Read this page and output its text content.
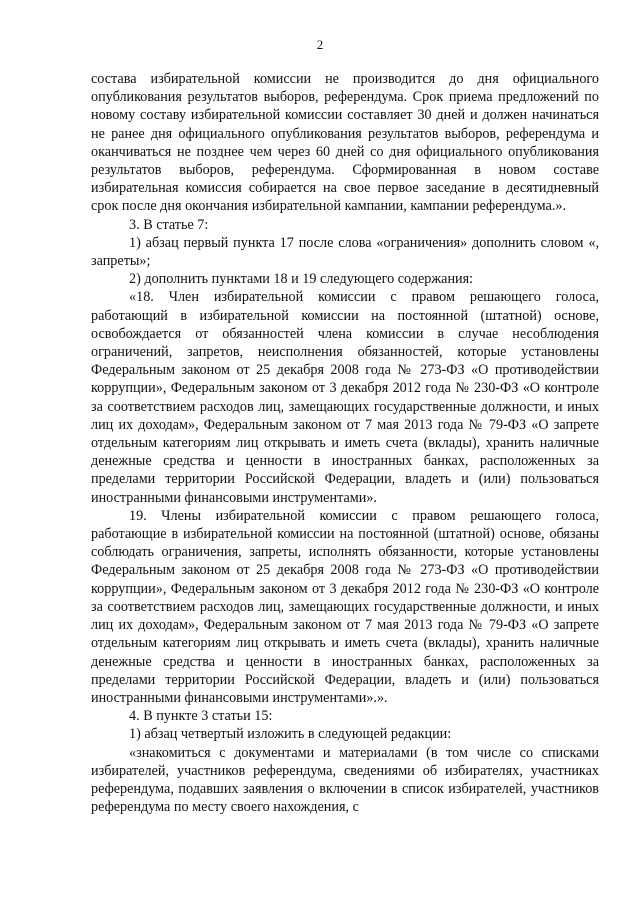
2

состава избирательной комиссии не производится до дня официального опубликования результатов выборов, референдума. Срок приема предложений по новому составу избирательной комиссии составляет 30 дней и должен начинаться не ранее дня официального опубликования результатов выборов, референдума и оканчиваться не позднее чем через 60 дней со дня официального опубликования результатов выборов, референдума. Сформированная в новом составе избирательная комиссия собирается на свое первое заседание в десятидневный срок после дня окончания избирательной кампании, кампании референдума.».

3. В статье 7:

1) абзац первый пункта 17 после слова «ограничения» дополнить словом «, запреты»;

2) дополнить пунктами 18 и 19 следующего содержания:

«18. Член избирательной комиссии с правом решающего голоса, работающий в избирательной комиссии на постоянной (штатной) основе, освобождается от обязанностей члена комиссии в случае несоблюдения ограничений, запретов, неисполнения обязанностей, которые установлены Федеральным законом от 25 декабря 2008 года № 273-ФЗ «О противодействии коррупции», Федеральным законом от 3 декабря 2012 года № 230-ФЗ «О контроле за соответствием расходов лиц, замещающих государственные должности, и иных лиц их доходам», Федеральным законом от 7 мая 2013 года № 79-ФЗ «О запрете отдельным категориям лиц открывать и иметь счета (вклады), хранить наличные денежные средства и ценности в иностранных банках, расположенных за пределами территории Российской Федерации, владеть и (или) пользоваться иностранными финансовыми инструментами».

19. Члены избирательной комиссии с правом решающего голоса, работающие в избирательной комиссии на постоянной (штатной) основе, обязаны соблюдать ограничения, запреты, исполнять обязанности, которые установлены Федеральным законом от 25 декабря 2008 года № 273-ФЗ «О противодействии коррупции», Федеральным законом от 3 декабря 2012 года № 230-ФЗ «О контроле за соответствием расходов лиц, замещающих государственные должности, и иных лиц их доходам», Федеральным законом от 7 мая 2013 года № 79-ФЗ «О запрете отдельным категориям лиц открывать и иметь счета (вклады), хранить наличные денежные средства и ценности в иностранных банках, расположенных за пределами территории Российской Федерации, владеть и (или) пользоваться иностранными финансовыми инструментами».».

4. В пункте 3 статьи 15:

1) абзац четвертый изложить в следующей редакции:

«знакомиться с документами и материалами (в том числе со списками избирателей, участников референдума, сведениями об избирателях, участниках референдума, подавших заявления о включении в список избирателей, участников референдума по месту своего нахождения, с
